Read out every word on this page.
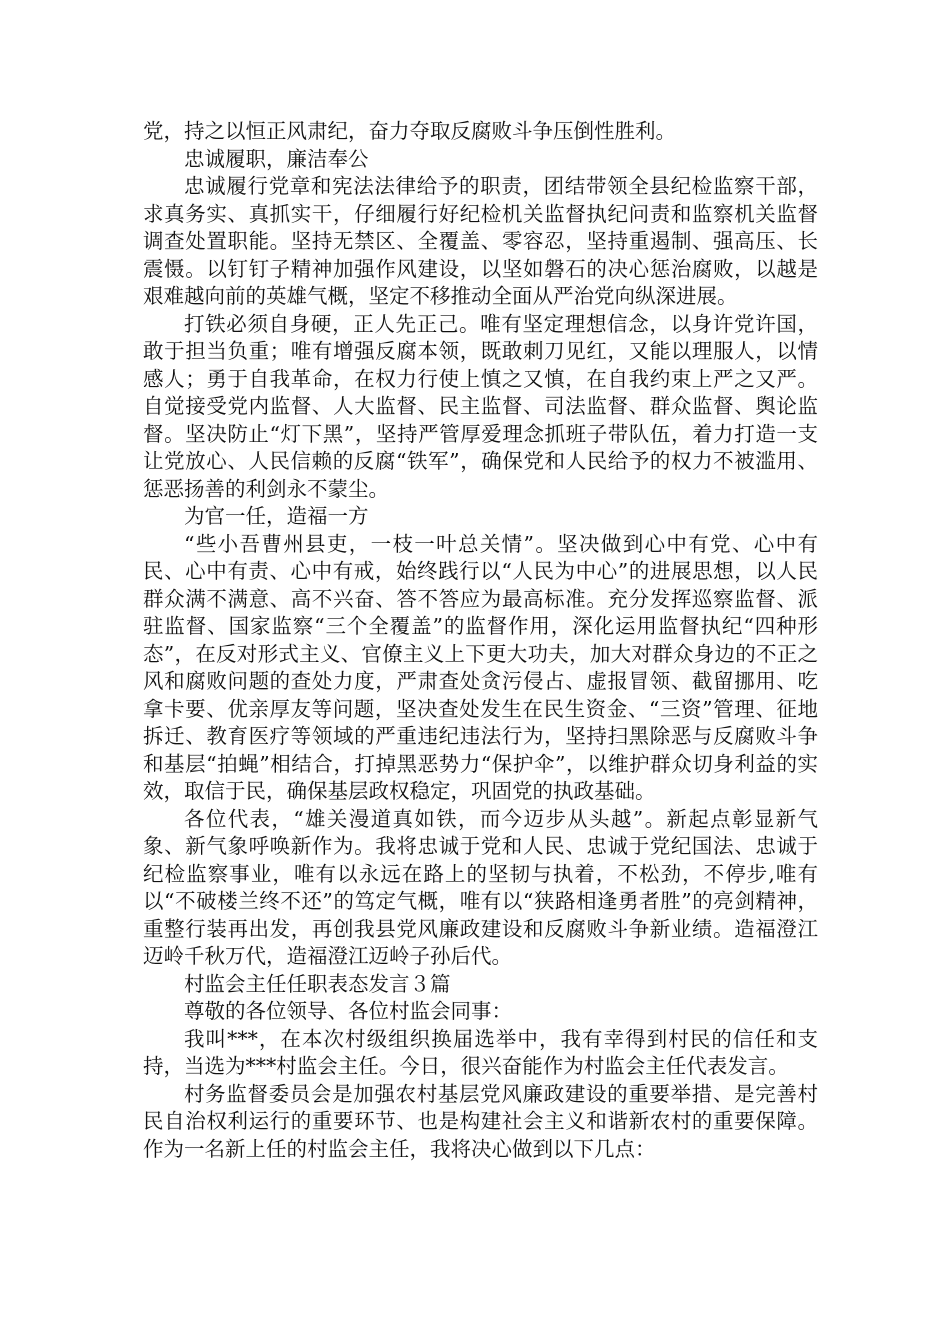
党，持之以恒正风肃纪，奋力夺取反腐败斗争压倒性胜利。

忠诚履职，廉洁奉公

忠诚履行党章和宪法法律给予的职责，团结带领全县纪检监察干部，求真务实、真抓实干，仔细履行好纪检机关监督执纪问责和监察机关监督调查处置职能。坚持无禁区、全覆盖、零容忍，坚持重遏制、强高压、长震慑。以钉钉子精神加强作风建设，以坚如磐石的决心惩治腐败，以越是艰难越向前的英雄气概，坚定不移推动全面从严治党向纵深进展。

打铁必须自身硬，正人先正己。唯有坚定理想信念，以身许党许国，敢于担当负重；唯有增强反腐本领，既敢刺刀见红，又能以理服人，以情感人；勇于自我革命，在权力行使上慎之又慎，在自我约束上严之又严。自觉接受党内监督、人大监督、民主监督、司法监督、群众监督、舆论监督。坚决防止“灯下黑”，坚持严管厚爱理念抓班子带队伍，着力打造一支让党放心、人民信赖的反腐“铁军”，确保党和人民给予的权力不被滥用、惩恶扬善的利剑永不蒙尘。

为官一任，造福一方

“些小吾曹州县吏，一枝一叶总关情”。坚决做到心中有党、心中有民、心中有责、心中有戒，始终践行以“人民为中心”的进展思想，以人民群众满不满意、高不兴奋、答不答应为最高标准。充分发挥巡察监督、派驻监督、国家监察“三个全覆盖”的监督作用，深化运用监督执纪“四种形态”，在反对形式主义、官僚主义上下更大功夫，加大对群众身边的不正之风和腐败问题的查处力度，严肃查处贪污侵占、虚报冒领、截留挪用、吃拿卡要、优亲厚友等问题，坚决查处发生在民生资金、“三资”管理、征地拆迁、教育医疗等领域的严重违纪违法行为，坚持扫黑除恶与反腐败斗争和基层“拍蝇”相结合，打掉黑恶势力“保护伞”，以维护群众切身利益的实效，取信于民，确保基层政权稳定，巩固党的执政基础。

各位代表，“雄关漫道真如铁，而今迈步从头越”。新起点彰显新气象、新气象呼唤新作为。我将忠诚于党和人民、忠诚于党纪国法、忠诚于纪检监察事业，唯有以永远在路上的坚韧与执着，不松劲，不停步,唯有以“不破楼兰终不还”的笃定气概，唯有以“狭路相逢勇者胜”的亮剑精神，重整行装再出发，再创我县党风廉政建设和反腐败斗争新业绩。造福澄江迈岭千秋万代，造福澄江迈岭子孙后代。

村监会主任任职表态发言３篇

尊敬的各位领导、各位村监会同事：

我叫***，在本次村级组织换届选举中，我有幸得到村民的信任和支持，当选为***村监会主任。今日，很兴奋能作为村监会主任代表发言。

村务监督委员会是加强农村基层党风廉政建设的重要举措、是完善村民自治权利运行的重要环节、也是构建社会主义和谐新农村的重要保障。作为一名新上任的村监会主任，我将决心做到以下几点：
